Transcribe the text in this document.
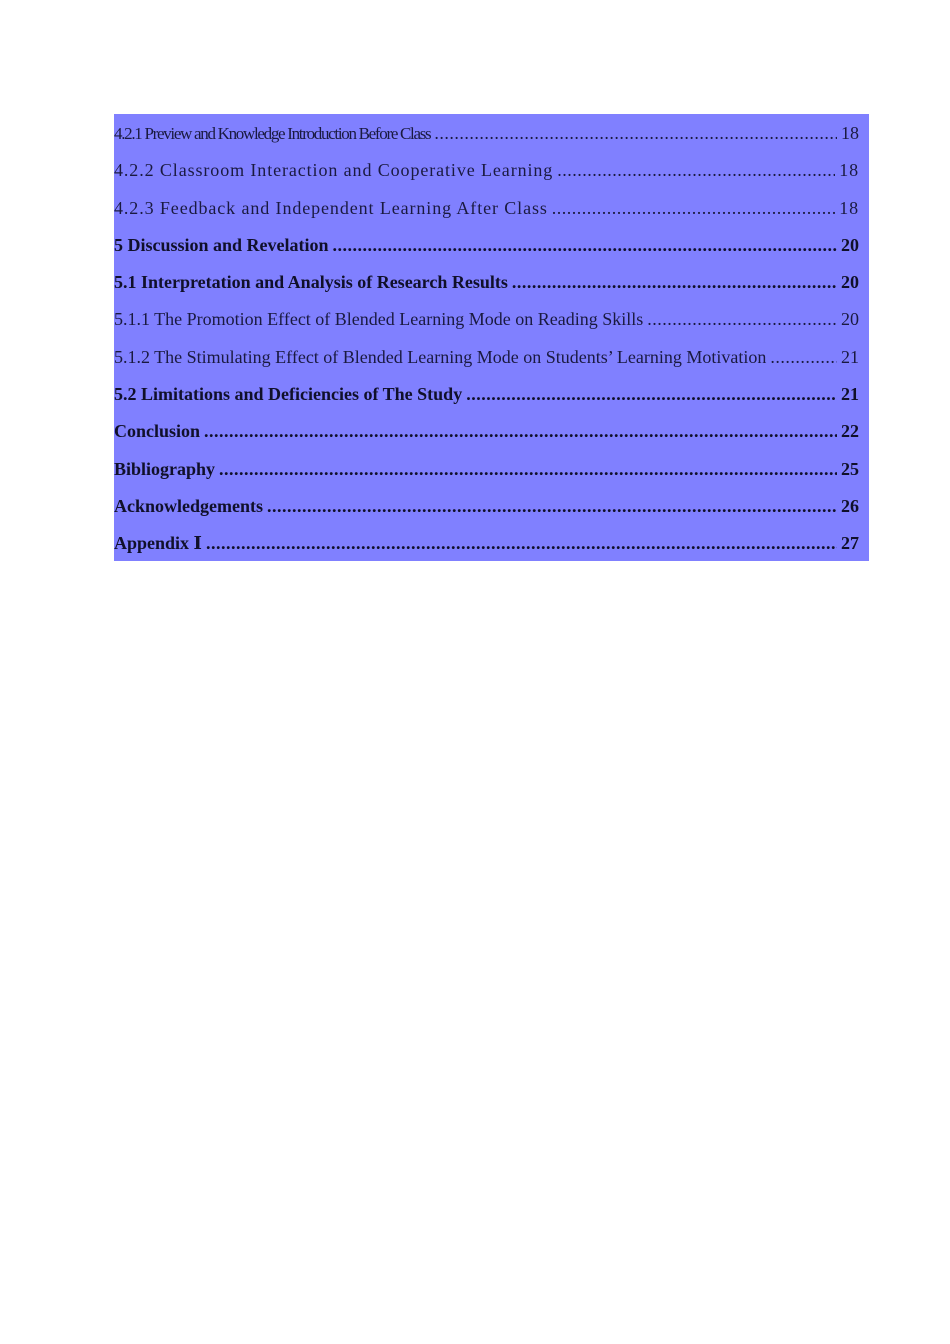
4.2.1 Preview and Knowledge Introduction Before Class .....	18
4.2.2 Classroom Interaction and Cooperative Learning .....	18
4.2.3 Feedback and Independent Learning After Class .....	18
5 Discussion and Revelation .....	20
5.1 Interpretation and Analysis of Research Results .....	20
5.1.1 The Promotion Effect of Blended Learning Mode on Reading Skills .....	20
5.1.2 The Stimulating Effect of Blended Learning Mode on Students’ Learning Motivation .....	21
5.2 Limitations and Deficiencies of The Study .....	21
Conclusion .....	22
Bibliography .....	25
Acknowledgements .....	26
Appendix Ⅰ .....	27
